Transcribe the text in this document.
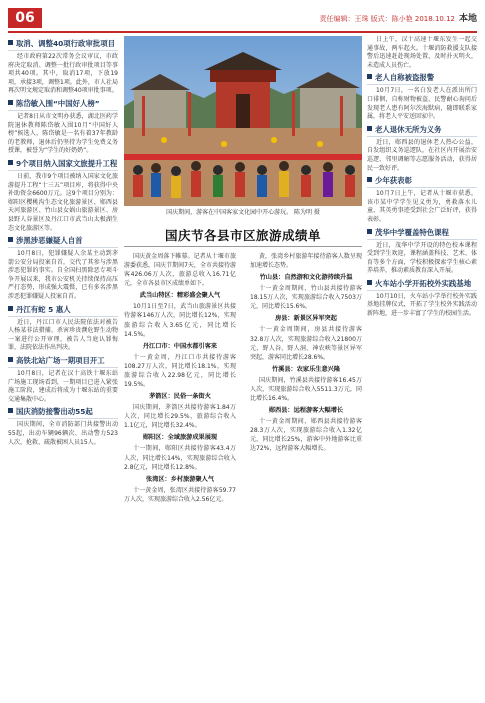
06	责任编辑：王珠 版式：陈小艳 2018.10.12 本地
取消、调整40项行政审批项目

经市政府第22次常务会议审议，市政府决定取消、调整一批行政审批项目等事项共40项。其中，取消17项，下放19项，承接3项，调整1项。此外，市人社局再次明文规定取消和调整40项审批事项。

陈岱敏入围“中国好人榜”

记者8日从市文明办获悉，湖北医药学院退休教师陈岱敏入围10月“中国好人榜”候选人，陈岱敏是一名有着37年教龄的老教师，退休后仍坚持为学生免费义务授课，被誉为“学生的好奶奶”。

9个项目纳入国家文旅提升工程

日前，我市9个项目被纳入国家文化旅游提升工程“十三五”项目库，将获得中央补助资金6600万元。这9个项目分别为：郧阳区樱桃沟生态文化旅游景区、郧西县天河旅游区、竹山县女娲山旅游景区、房县野人谷景区及丹江口市武当山太极湖生态文化旅游区等。

涉黑涉恶嫌疑人自首

10月8日，犯罪嫌疑人余某主动到茅箭公安分局投案自首，交代了其参与涉黑涉恶犯罪的事实。自全国扫黑除恶专项斗争开展以来，我市公安机关持续保持高压严打态势，形成强大震慑，已有多名涉黑涉恶犯罪嫌疑人投案自首。

丹江有蛇 5 惠人

近日，丹江口市人民法院依法对被告人杨某非法猎捕、杀害珍贵濒危野生动物一案进行公开审理，被告人当庭认罪悔罪，法院依法作出判决。

高铁北站广场一期项目开工

10月8日，记者在汉十高铁十堰东站广场施工现场看到，一期项目已进入紧张施工阶段，建成后将成为十堰东站的重要交通集散中心。

国庆消防接警出动55起

国庆期间，全市消防部门共接警出动55起，出动车辆96辆次、出动警力523人次，抢救、疏散被困人员15人。

国庆期间，游客在中国客家文化园中开心游玩。 陈为明 摄
国庆节各县市区旅游成绩单

国庆黄金周落下帷幕。记者从十堰市旅游委获悉，国庆节期间7天，全市共接待游客426.06万人次，旅游总收入16.71亿元，全市各县市区成绩单如下。

武当山特区：精彩盛会聚人气

10月1日至7日，武当山旅游景区共接待游客146万人次，同比增长12%，实现旅游综合收入3.65亿元，同比增长14.5%。

丹江口市：中国水都引客来

十一黄金周，丹江口市共接待游客108.27万人次，同比增长18.1%，实现旅游综合收入22.98亿元，同比增长19.5%。

茅箭区：民俗一条街火

国庆期间，茅箭区共接待游客1.84万人次，同比增长29.5%，旅游综合收入1.1亿元，同比增长32.4%。

郧阳区：全域旅游成果展现

十一期间，郧阳区共接待游客43.4万人次，同比增长14%，实现旅游综合收入2.8亿元，同比增长12.8%。

张湾区：乡村旅游聚人气

十一黄金周，张湾区共接待游客59.77万人次，实现旅游综合收入2.56亿元。

黄，张湾乡村旅游年接待游客人数呈现加速增长态势。

竹山县：自然游和文化游持续升温

十一黄金周期间，竹山县共接待游客18.15万人次，实现旅游综合收入7503万元，同比增长15.6%。

房县：新景区异军突起

十一黄金周期间，房县共接待游客32.8万人次，实现旅游综合收入21800万元，野人谷、野人洞、神农峡等景区异军突起，游客同比增长28.6%。

竹溪县：农家乐生意兴隆

国庆期间，竹溪县共接待游客16.45万人次，实现旅游综合收入5511.3万元，同比增长16.4%。

郧西县：远程游客大幅增长

十一黄金周期间，郧西县共接待游客28.3万人次，实现旅游综合收入1.32亿元，同比增长25%，游客中外地游客比重达72%，远程游客大幅增长。

日上午，汉十高速十堰东发生一起交通事故，两车起火。十堰消防救援支队接警后迅速赶赴现场处置，及时扑灭明火，未造成人员伤亡。

老人自称被盗报警

10月7日，一名白发老人在派出所门口徘徊，自称财物被盗，民警耐心询问后发现老人患有阿尔茨海默病，随即联系家属，将老人平安送回家中。

老人退休无所为义务

近日，郧西县的退休老人热心公益，自发组织义务巡逻队，在社区内开展治安巡逻、邻里调解等志愿服务活动，获得居民一致好评。

少年获表彰

10月7日上午，记者从十堰市获悉，该市某中学学生见义勇为，勇救落水儿童，其英勇事迹受到社会广泛好评，获得表彰。

茂华中学覆盖特色课程

近日，茂华中学开设的特色校本课程受到学生欢迎，课程涵盖科技、艺术、体育等多个方面，学校积极探索学生核心素养培养，推动素质教育深入开展。

火车站小学开拓校外实践基地

10月10日，火车站小学举行校外实践基地挂牌仪式，开拓了学生校外实践活动新阵地，进一步丰富了学生的校园生活。
